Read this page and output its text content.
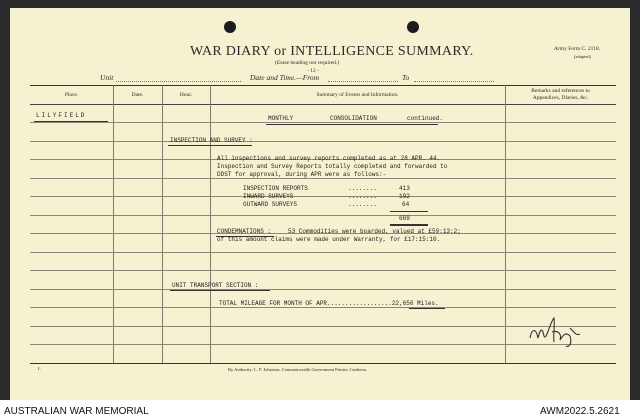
WAR DIARY or INTELLIGENCE SUMMARY.
(Erase heading not required.)
- 12 -
Army Form C. 2118.
(adapted)
Unit	Date and Time.—From	To
Place.	Date.	Hour.	Summary of Events and Information.
Remarks and references to
Appendices, Diaries, &c.
LILYFIELD	MONTHLY	CONSOLIDATION	continued.
INSPECTION AND SURVEY :
All inspections and survey reports completed as at 28 APR. 44.
Inspection and Survey Reports totally completed and forwarded to
DDST for approval, during APR were as follows:-
INSPECTION REPORTS	........	413
INWARD SURVEYS	........	192
OUTWARD SURVEYS	........	64
669
CONDEMNATIONS :	53 Commodities were boarded, valued at £59:13:2;
of this amount claims were made under Warranty, for £17:15:10.
UNIT TRANSPORT SECTION :
TOTAL MILEAGE FOR MONTH OF APR..................22,650 Miles.
L	By Authority: L. F. Johnston, Commonwealth Government Printer, Canberra.
AUSTRALIAN WAR MEMORIAL	AWM2022.5.2621
